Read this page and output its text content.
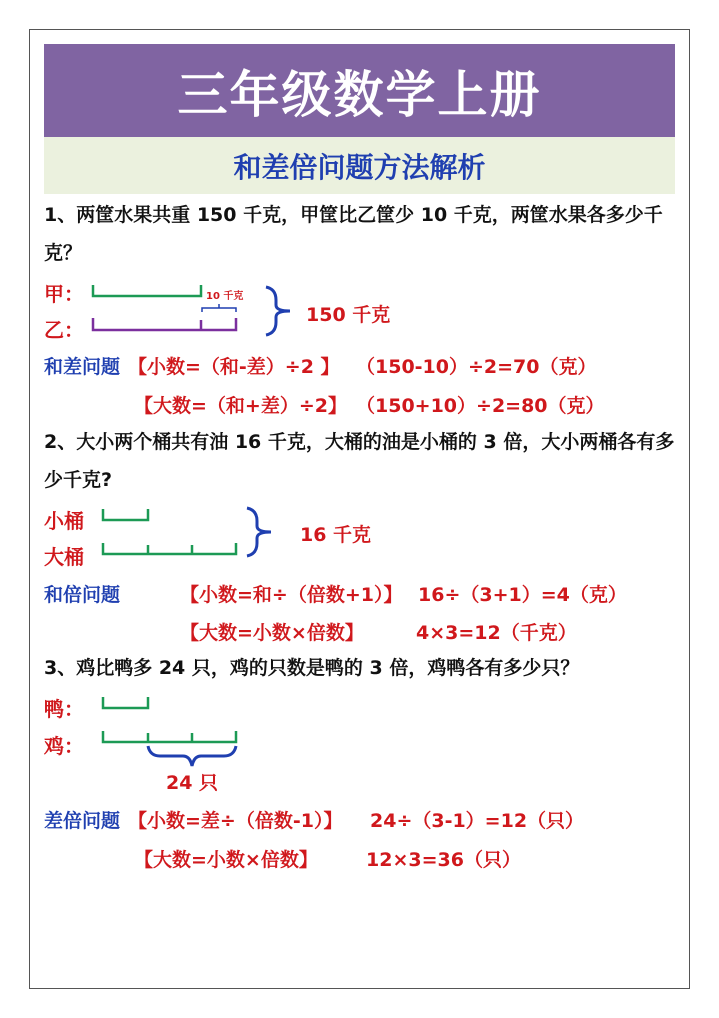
三年级数学上册
和差倍问题方法解析
1、两筐水果共重 150 千克，甲筐比乙筐少 10 千克，两筐水果各多少千克？
甲：
乙：
10 千克
150 千克
和差问题 【小数=（和-差）÷2 】 （150-10）÷2=70（克）
【大数=（和+差）÷2】 （150+10）÷2=80（克）
2、大小两个桶共有油 16 千克，大桶的油是小桶的 3 倍，大小两桶各有多少千克?
小桶
大桶
16 千克
和倍问题	【小数=和÷（倍数+1）】 16÷（3+1）=4（克）
【大数=小数×倍数】	4×3=12（千克）
3、鸡比鸭多 24 只，鸡的只数是鸭的 3 倍，鸡鸭各有多少只？
鸭：
鸡：
24 只
差倍问题 【小数=差÷（倍数-1）】 24÷（3-1）=12（只）
【大数=小数×倍数】	12×3=36（只）
